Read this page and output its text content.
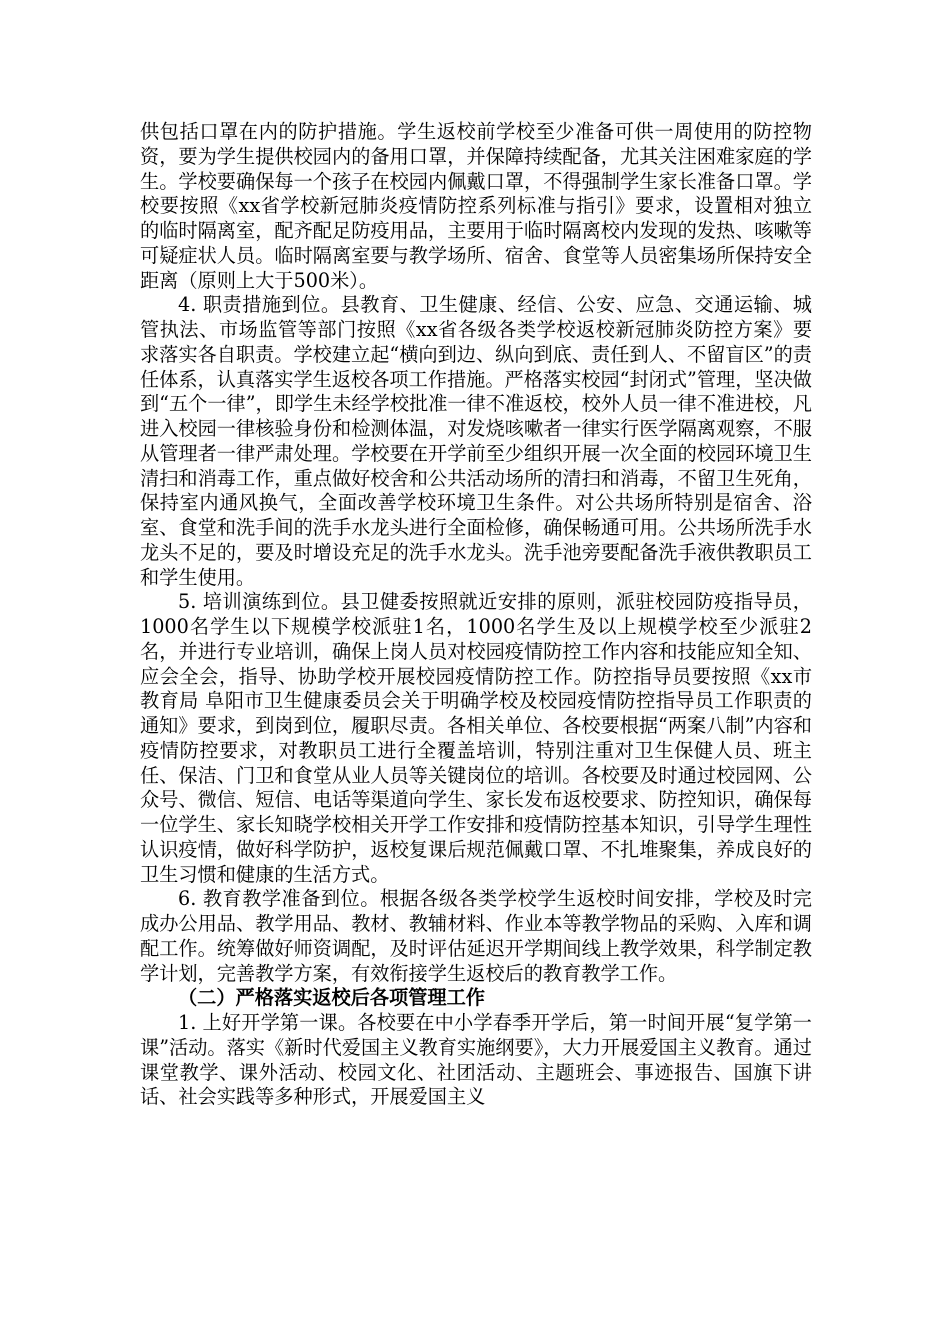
供包括口罩在内的防护措施。学生返校前学校至少准备可供一周使用的防控物资，要为学生提供校园内的备用口罩，并保障持续配备，尤其关注困难家庭的学生。学校要确保每一个孩子在校园内佩戴口罩，不得强制学生家长准备口罩。学校要按照《xx省学校新冠肺炎疫情防控系列标准与指引》要求，设置相对独立的临时隔离室，配齐配足防疫用品，主要用于临时隔离校内发现的发热、咳嗽等可疑症状人员。临时隔离室要与教学场所、宿舍、食堂等人员密集场所保持安全距离（原则上大于500米）。

4. 职责措施到位。县教育、卫生健康、经信、公安、应急、交通运输、城管执法、市场监管等部门按照《xx省各级各类学校返校新冠肺炎防控方案》要求落实各自职责。学校建立起“横向到边、纵向到底、责任到人、不留盲区”的责任体系，认真落实学生返校各项工作措施。严格落实校园“封闭式”管理，坚决做到“五个一律”，即学生未经学校批准一律不准返校，校外人员一律不准进校，凡进入校园一律核验身份和检测体温，对发烧咳嗽者一律实行医学隔离观察，不服从管理者一律严肃处理。学校要在开学前至少组织开展一次全面的校园环境卫生清扫和消毒工作，重点做好校舍和公共活动场所的清扫和消毒，不留卫生死角，保持室内通风换气，全面改善学校环境卫生条件。对公共场所特别是宿舍、浴室、食堂和洗手间的洗手水龙头进行全面检修，确保畅通可用。公共场所洗手水龙头不足的，要及时增设充足的洗手水龙头。洗手池旁要配备洗手液供教职员工和学生使用。

5. 培训演练到位。县卫健委按照就近安排的原则，派驻校园防疫指导员，1000名学生以下规模学校派驻1名，1000名学生及以上规模学校至少派驻2名，并进行专业培训，确保上岗人员对校园疫情防控工作内容和技能应知全知、应会全会，指导、协助学校开展校园疫情防控工作。防控指导员要按照《xx市教育局 阜阳市卫生健康委员会关于明确学校及校园疫情防控指导员工作职责的通知》要求，到岗到位，履职尽责。各相关单位、各校要根据“两案八制”内容和疫情防控要求，对教职员工进行全覆盖培训，特别注重对卫生保健人员、班主任、保洁、门卫和食堂从业人员等关键岗位的培训。各校要及时通过校园网、公众号、微信、短信、电话等渠道向学生、家长发布返校要求、防控知识，确保每一位学生、家长知晓学校相关开学工作安排和疫情防控基本知识，引导学生理性认识疫情，做好科学防护，返校复课后规范佩戴口罩、不扎堆聚集，养成良好的卫生习惯和健康的生活方式。

6. 教育教学准备到位。根据各级各类学校学生返校时间安排，学校及时完成办公用品、教学用品、教材、教辅材料、作业本等教学物品的采购、入库和调配工作。统筹做好师资调配，及时评估延迟开学期间线上教学效果，科学制定教学计划，完善教学方案，有效衔接学生返校后的教育教学工作。

（二）严格落实返校后各项管理工作

1. 上好开学第一课。各校要在中小学春季开学后，第一时间开展“复学第一课”活动。落实《新时代爱国主义教育实施纲要》，大力开展爱国主义教育。通过课堂教学、课外活动、校园文化、社团活动、主题班会、事迹报告、国旗下讲话、社会实践等多种形式，开展爱国主义
